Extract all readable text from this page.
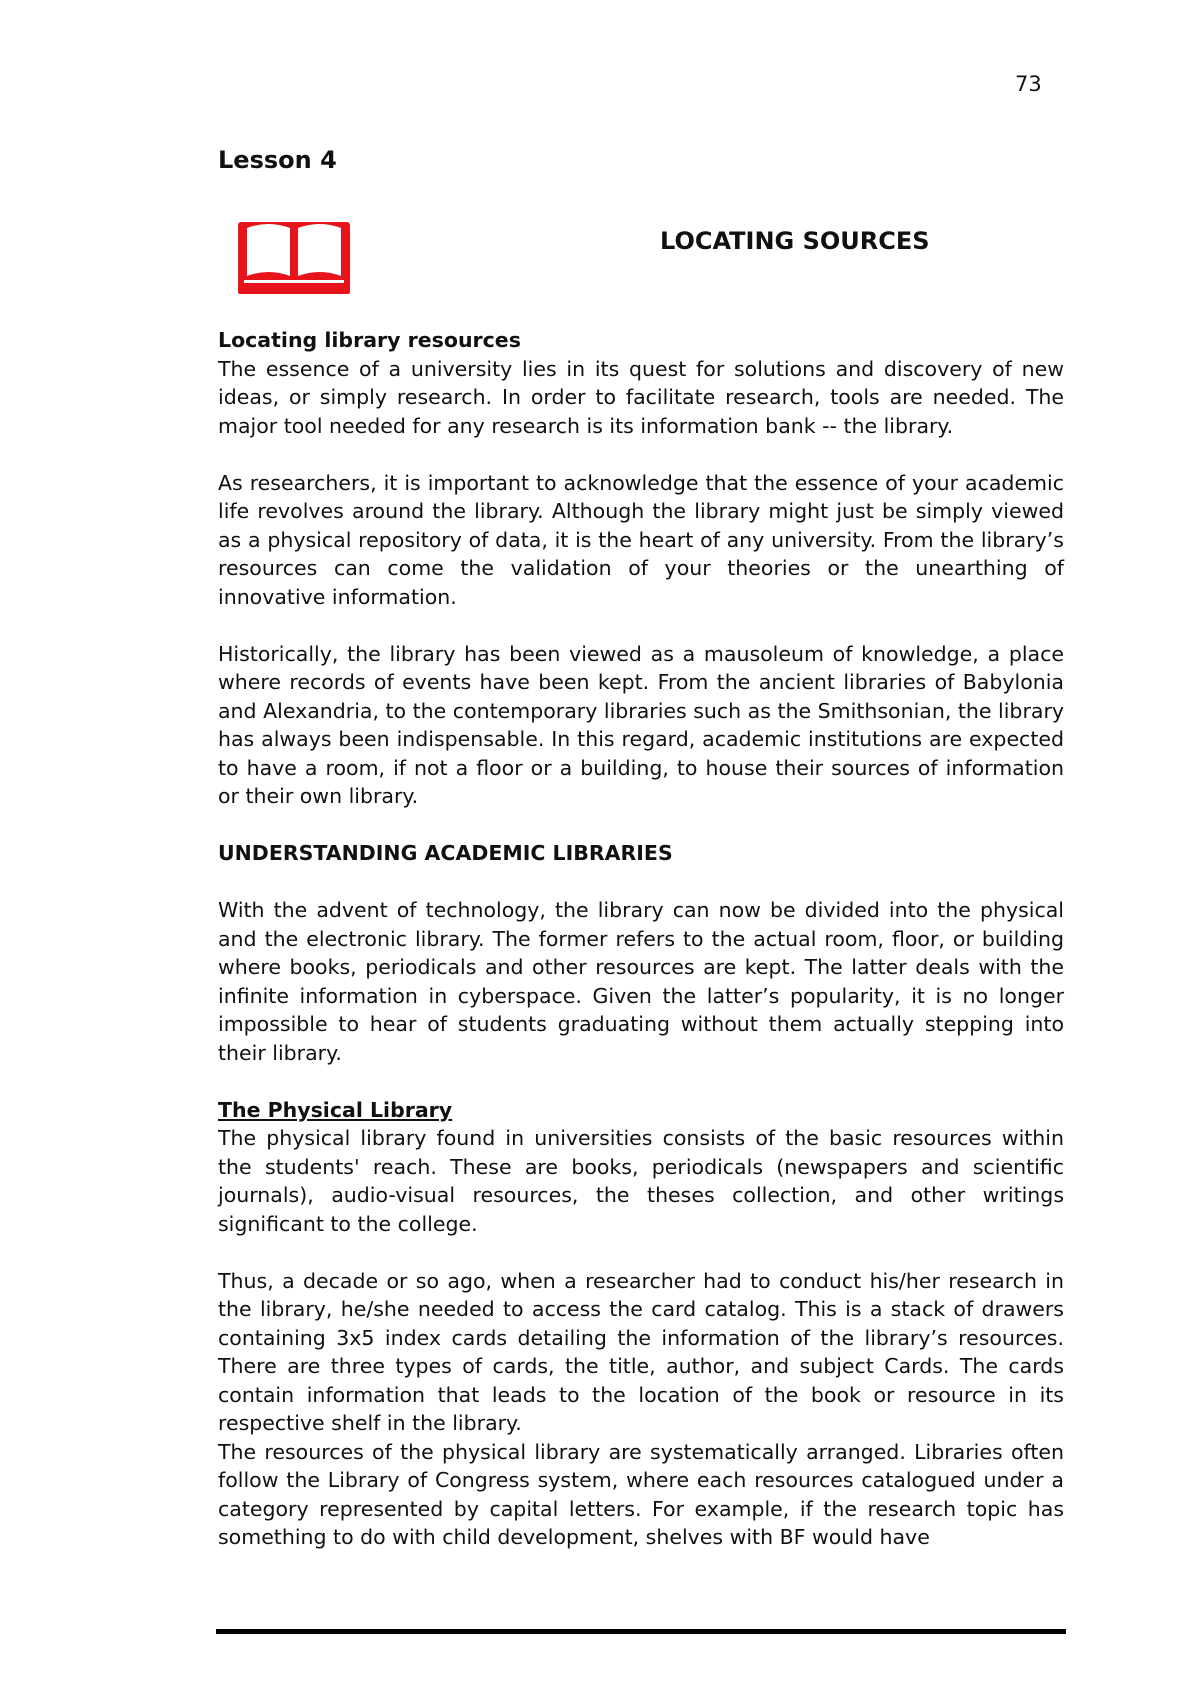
73
Lesson 4
LOCATING SOURCES

Locating library resources

The essence of a university lies in its quest for solutions and discovery of new ideas, or simply research. In order to facilitate research, tools are needed. The major tool needed for any research is its information bank -- the library.

As researchers, it is important to acknowledge that the essence of your academic life revolves around the library. Although the library might just be simply viewed as a physical repository of data, it is the heart of any university. From the library’s resources can come the validation of your theories or the unearthing of innovative information.

Historically, the library has been viewed as a mausoleum of knowledge, a place where records of events have been kept. From the ancient libraries of Babylonia and Alexandria, to the contemporary libraries such as the Smithsonian, the library has always been indispensable. In this regard, academic institutions are expected to have a room, if not a floor or a building, to house their sources of information or their own library.

UNDERSTANDING ACADEMIC LIBRARIES

With the advent of technology, the library can now be divided into the physical and the electronic library. The former refers to the actual room, floor, or building where books, periodicals and other resources are kept. The latter deals with the infinite information in cyberspace. Given the latter’s popularity, it is no longer impossible to hear of students graduating without them actually stepping into their library.

The Physical Library

The physical library found in universities consists of the basic resources within the students' reach. These are books, periodicals (newspapers and scientific journals), audio-visual resources, the theses collection, and other writings significant to the college.

Thus, a decade or so ago, when a researcher had to conduct his/her research in the library, he/she needed to access the card catalog. This is a stack of drawers containing 3x5 index cards detailing the information of the library’s resources. There are three types of cards, the title, author, and subject Cards. The cards contain information that leads to the location of the book or resource in its respective shelf in the library.

The resources of the physical library are systematically arranged. Libraries often follow the Library of Congress system, where each resources catalogued under a category represented by capital letters. For example, if the research topic has something to do with child development, shelves with BF would have
